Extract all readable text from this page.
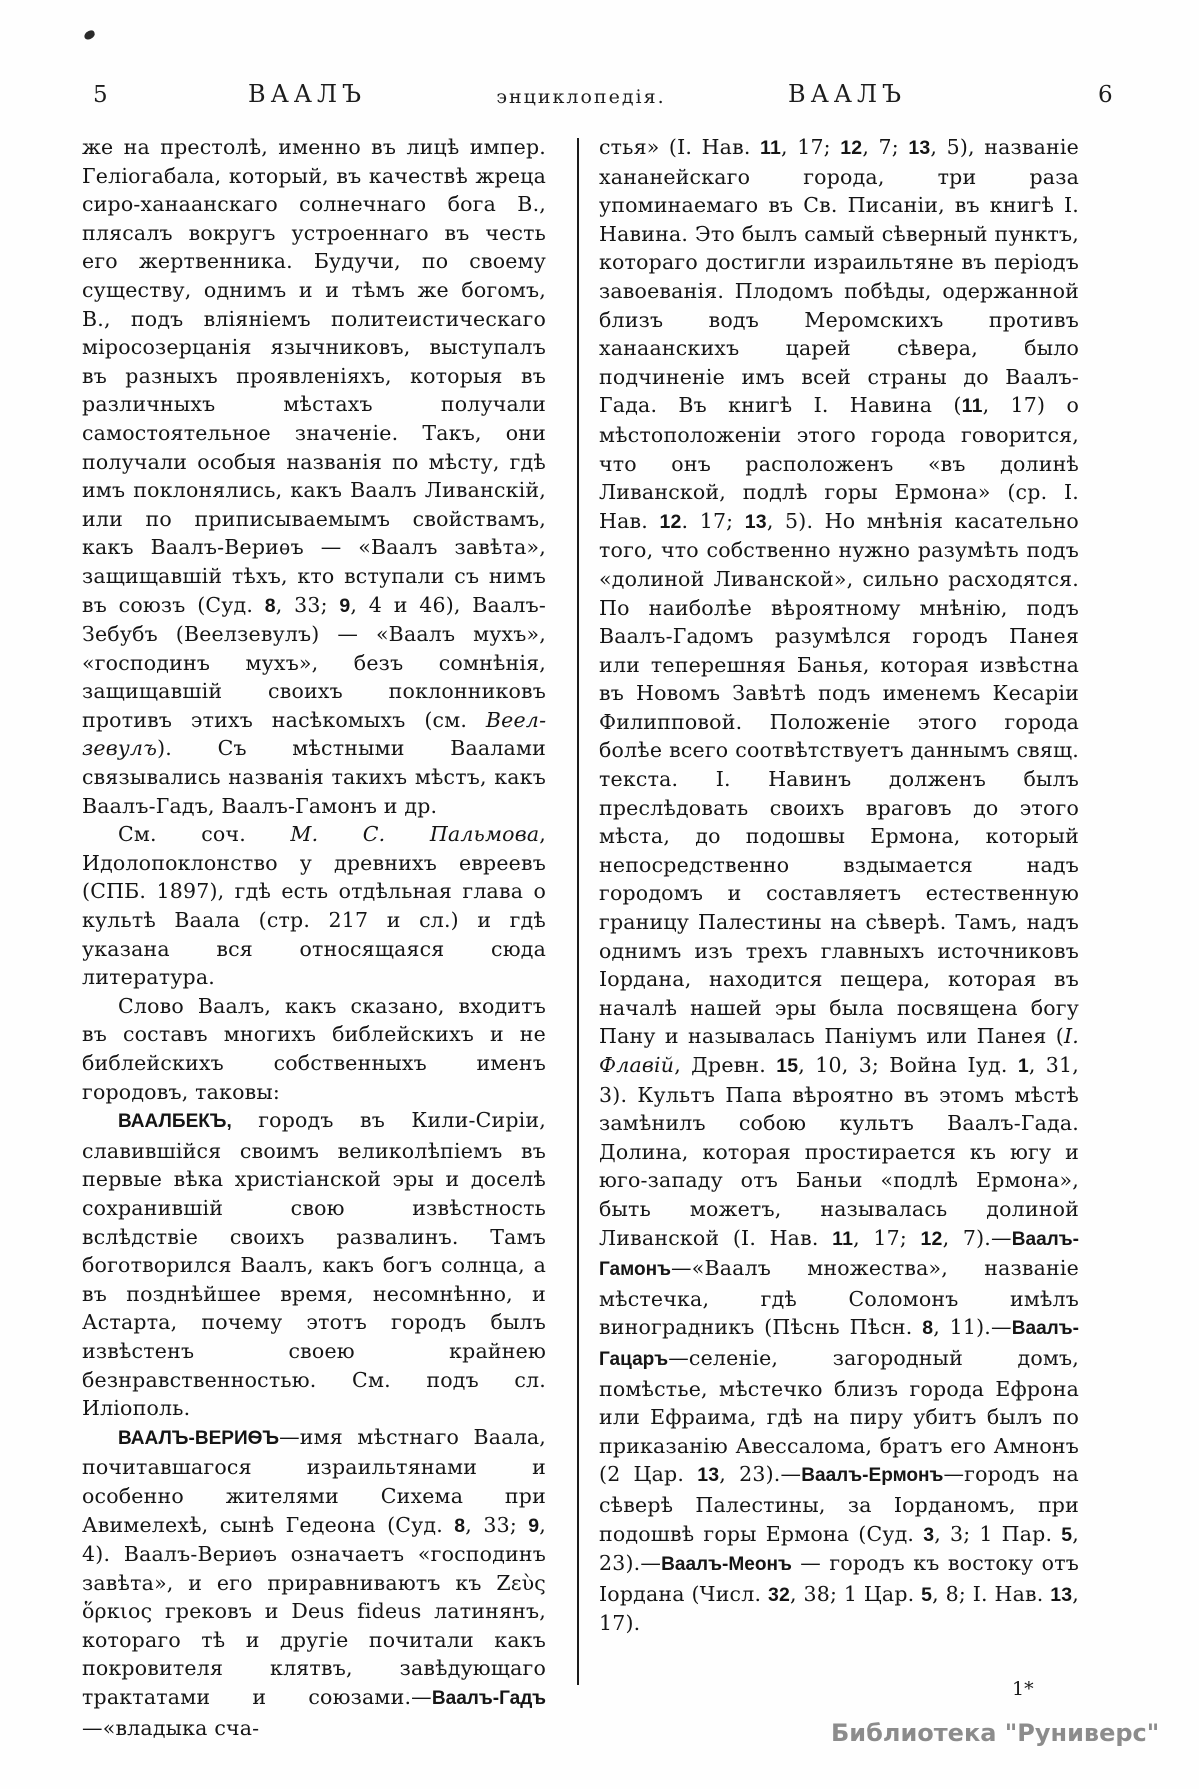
5	ВААЛЪ	энциклопедія.	ВААЛЪ	6

же на престолѣ, именно въ лицѣ импер. Геліогабала, который, въ качествѣ жреца сиро-ханаанскаго солнечнаго бога В., плясалъ вокругъ устроеннаго въ честь его жертвенника. Будучи, по своему существу, однимъ и и тѣмъ же богомъ, В., подъ вліяніемъ политеистическаго міросозерцанія язычниковъ, выступалъ въ разныхъ проявленіяхъ, которыя въ различныхъ мѣстахъ получали самостоятельное значеніе. Такъ, они получали особыя названія по мѣсту, гдѣ имъ поклонялись, какъ Ваалъ Ливанскій, или по приписываемымъ свойствамъ, какъ Ваалъ-Вериѳъ — «Ваалъ завѣта», защищавшій тѣхъ, кто вступали съ нимъ въ союзъ (Суд. 8, 33; 9, 4 и 46), Ваалъ-Зебубъ (Веелзевулъ) — «Ваалъ мухъ», «господинъ мухъ», безъ сомнѣнія, защищавшій своихъ поклонниковъ противъ этихъ насѣкомыхъ (см. Веелзевулъ). Съ мѣстными Ваалами связывались названія такихъ мѣстъ, какъ Ваалъ-Гадъ, Ваалъ-Гамонъ и др.

См. соч. М. С. Пальмова, Идолопоклонство у древнихъ евреевъ (СПБ. 1897), гдѣ есть отдѣльная глава о культѣ Ваала (стр. 217 и сл.) и гдѣ указана вся относящаяся сюда литература.

Слово Ваалъ, какъ сказано, входитъ въ составъ многихъ библейскихъ и не библейскихъ собственныхъ именъ городовъ, таковы:

ВААЛБЕКЪ, городъ въ Кили-Сиріи, славившійся своимъ великолѣпіемъ въ первые вѣка христіанской эры и доселѣ сохранившій свою извѣстность вслѣдствіе своихъ развалинъ. Тамъ боготворился Ваалъ, какъ богъ солнца, а въ позднѣйшее время, несомнѣнно, и Астарта, почему этотъ городъ былъ извѣстенъ своею крайнею безнравственностью. См. подъ сл. Иліополь.

ВААЛЪ-ВЕРИѲЪ—имя мѣстнаго Ваала, почитавшагося израильтянами и особенно жителями Сихема при Авимелехѣ, сынѣ Гедеона (Суд. 8, 33; 9, 4). Ваалъ-Вериѳъ означаетъ «господинъ завѣта», и его приравниваютъ къ Ζεὺς ὅρκιος грековъ и Deus fideus латинянъ, котораго тѣ и другіе почитали какъ покровителя клятвъ, завѣдующаго трактатами и союзами.—Ваалъ-Гадъ—«владыка сча-

стья» (І. Нав. 11, 17; 12, 7; 13, 5), названіе хананейскаго города, три раза упоминаемаго въ Св. Писаніи, въ книгѣ І. Навина. Это былъ самый сѣверный пунктъ, котораго достигли израильтяне въ періодъ завоеванія. Плодомъ побѣды, одержанной близъ водъ Меромскихъ противъ ханаанскихъ царей сѣвера, было подчиненіе имъ всей страны до Ваалъ-Гада. Въ книгѣ І. Навина (11, 17) о мѣстоположеніи этого города говорится, что онъ расположенъ «въ долинѣ Ливанской, подлѣ горы Ермона» (ср. І. Нав. 12. 17; 13, 5). Но мнѣнія касательно того, что собственно нужно разумѣть подъ «долиной Ливанской», сильно расходятся. По наиболѣе вѣроятному мнѣнію, подъ Ваалъ-Гадомъ разумѣлся городъ Панея или теперешняя Банья, которая извѣстна въ Новомъ Завѣтѣ подъ именемъ Кесаріи Филипповой. Положеніе этого города болѣе всего соотвѣтствуетъ даннымъ свящ. текста. І. Навинъ долженъ былъ преслѣдовать своихъ враговъ до этого мѣста, до подошвы Ермона, который непосредственно вздымается надъ городомъ и составляетъ естественную границу Палестины на сѣверѣ. Тамъ, надъ однимъ изъ трехъ главныхъ источниковъ Іордана, находится пещера, которая въ началѣ нашей эры была посвящена богу Пану и называлась Паніумъ или Панея (І. Флавій, Древн. 15, 10, 3; Война Іуд. 1, 31, 3). Культъ Папа вѣроятно въ этомъ мѣстѣ замѣнилъ собою культъ Ваалъ-Гада. Долина, которая простирается къ югу и юго-западу отъ Баньи «подлѣ Ермона», быть можетъ, называлась долиной Ливанской (І. Нав. 11, 17; 12, 7).—Ваалъ-Гамонъ—«Ваалъ множества», названіе мѣстечка, гдѣ Соломонъ имѣлъ виноградникъ (Пѣснь Пѣсн. 8, 11).—Ваалъ-Гацаръ—селеніе, загородный домъ, помѣстье, мѣстечко близъ города Ефрона или Ефраима, гдѣ на пиру убитъ былъ по приказанію Авессалома, братъ его Амнонъ (2 Цар. 13, 23).—Ваалъ-Ермонъ—городъ на сѣверѣ Палестины, за Іорданомъ, при подошвѣ горы Ермона (Суд. 3, 3; 1 Пар. 5, 23).—Ваалъ-Меонъ — городъ къ востоку отъ Іордана (Числ. 32, 38; 1 Цар. 5, 8; І. Нав. 13, 17).

1*
Библиотека "Руниверс"
